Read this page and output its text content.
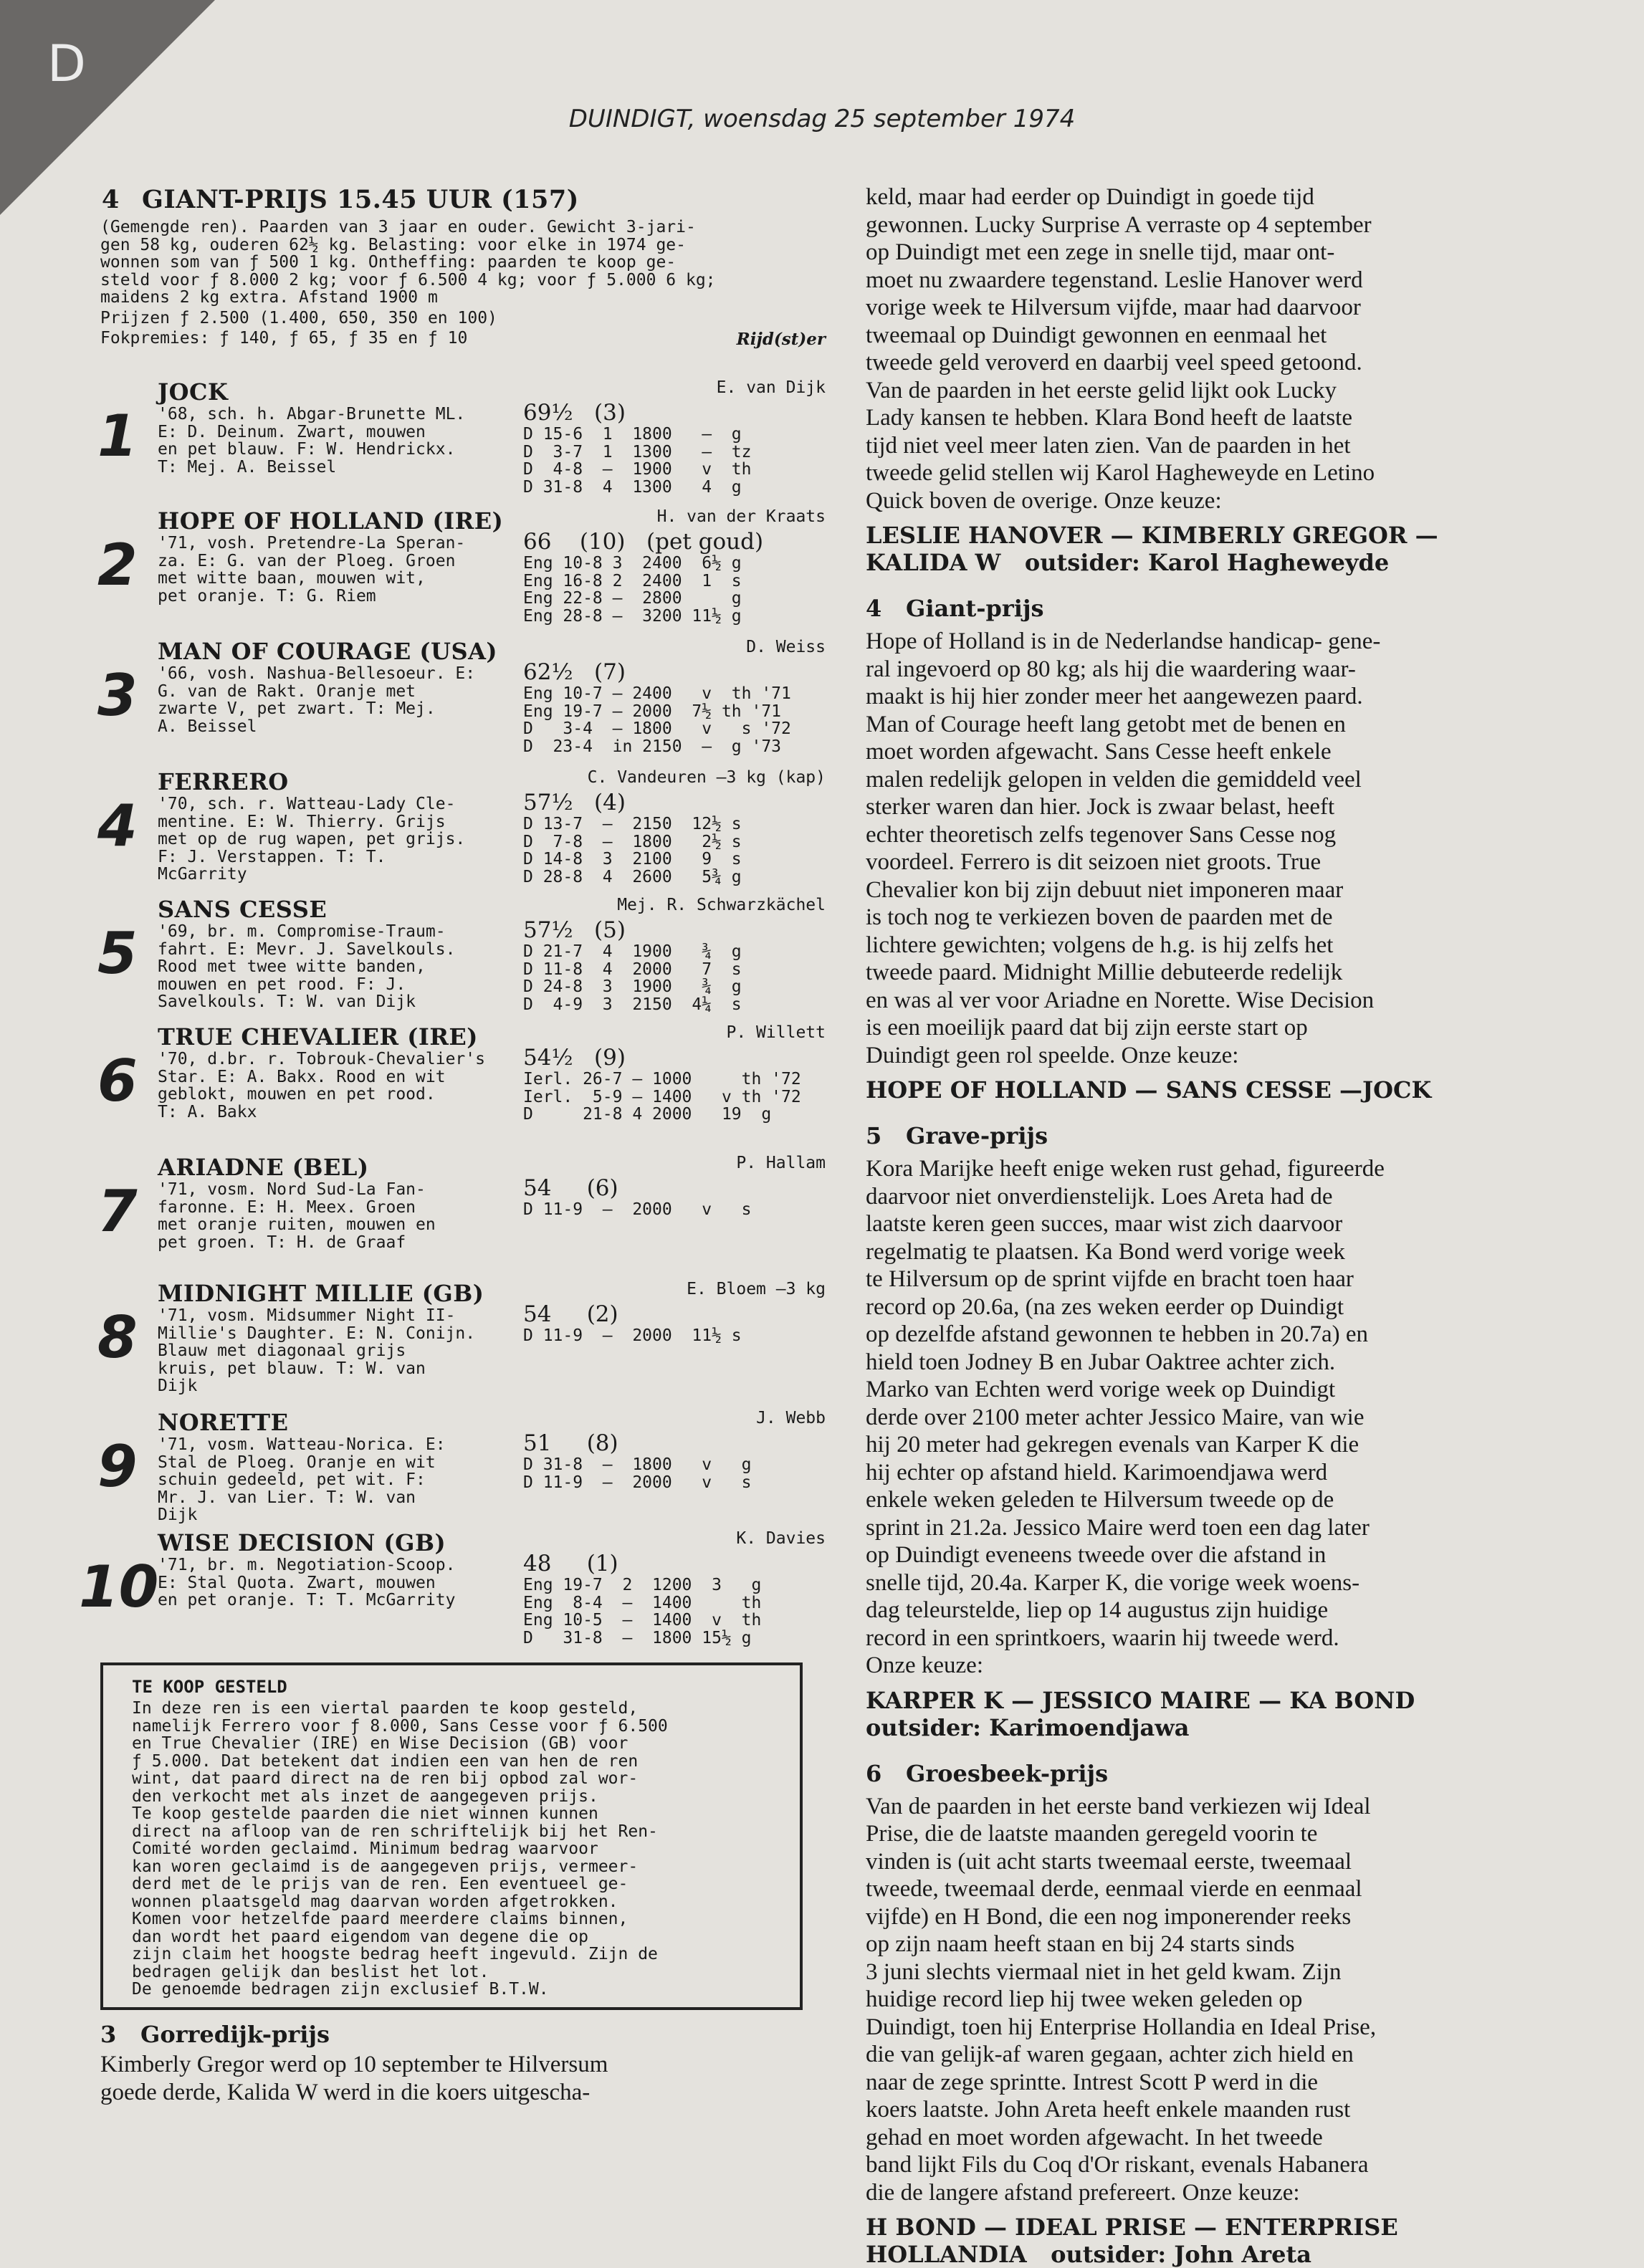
D
DUINDIGT, woensdag 25 september 1974
4 GIANT-PRIJS 15.45 UUR (157)
(Gemengde ren). Paarden van 3 jaar en ouder. Gewicht 3-jari-
gen 58 kg, ouderen 62½ kg. Belasting: voor elke in 1974 ge-
wonnen som van ƒ 500 1 kg. Ontheffing: paarden te koop ge-
steld voor ƒ 8.000 2 kg; voor ƒ 6.500 4 kg; voor ƒ 5.000 6 kg;
maidens 2 kg extra. Afstand 1900 m
Prijzen ƒ 2.500 (1.400, 650, 350 en 100)
Fokpremies: ƒ 140, ƒ 65, ƒ 35 en ƒ 10	Rijd(st)er
1
JOCK	E. van Dijk
'68, sch. h. Abgar-Brunette ML.
E: D. Deinum. Zwart, mouwen
en pet blauw. F: W. Hendrickx.
T: Mej. A. Beissel
69½   (3)
D 15-6  1  1800   —  g
D  3-7  1  1300   —  tz
D  4-8  —  1900   v  th
D 31-8  4  1300   4  g
2
HOPE OF HOLLAND (IRE)	H. van der Kraats
'71, vosh. Pretendre-La Speran-
za. E: G. van der Ploeg. Groen
met witte baan, mouwen wit,
pet oranje. T: G. Riem
66    (10)   (pet goud)
Eng 10-8 3  2400  6½ g
Eng 16-8 2  2400  1  s
Eng 22-8 —  2800     g
Eng 28-8 —  3200 11½ g
3
MAN OF COURAGE (USA)	D. Weiss
'66, vosh. Nashua-Bellesoeur. E:
G. van de Rakt. Oranje met
zwarte V, pet zwart. T: Mej.
A. Beissel
62½   (7)
Eng 10-7 — 2400   v  th '71
Eng 19-7 — 2000  7½ th '71
D   3-4  — 1800   v   s '72
D  23-4  in 2150  —  g '73
4
FERRERO	C. Vandeuren —3 kg (kap)
'70, sch. r. Watteau-Lady Cle-
mentine. E: W. Thierry. Grijs
met op de rug wapen, pet grijs.
F: J. Verstappen. T: T.
McGarrity
57½   (4)
D 13-7  —  2150  12½ s
D  7-8  —  1800   2½ s
D 14-8  3  2100   9  s
D 28-8  4  2600   5¾ g
5
SANS CESSE	Mej. R. Schwarzkächel
'69, br. m. Compromise-Traum-
fahrt. E: Mevr. J. Savelkouls.
Rood met twee witte banden,
mouwen en pet rood. F: J.
Savelkouls. T: W. van Dijk
57½   (5)
D 21-7  4  1900   ¾  g
D 11-8  4  2000   7  s
D 24-8  3  1900   ¾  g
D  4-9  3  2150  4¼  s
6
TRUE CHEVALIER (IRE)	P. Willett
'70, d.br. r. Tobrouk-Chevalier's
Star. E: A. Bakx. Rood en wit
geblokt, mouwen en pet rood.
T: A. Bakx
54½   (9)
Ierl. 26-7 — 1000     th '72
Ierl.  5-9 — 1400   v th '72
D     21-8 4 2000   19  g
7
ARIADNE (BEL)	P. Hallam
'71, vosm. Nord Sud-La Fan-
faronne. E: H. Meex. Groen
met oranje ruiten, mouwen en
pet groen. T: H. de Graaf
54     (6)
D 11-9  —  2000   v   s
8
MIDNIGHT MILLIE (GB)	E. Bloem —3 kg
'71, vosm. Midsummer Night II-
Millie's Daughter. E: N. Conijn.
Blauw met diagonaal grijs
kruis, pet blauw. T: W. van
Dijk
54     (2)
D 11-9  —  2000  11½ s
9
NORETTE	J. Webb
'71, vosm. Watteau-Norica. E:
Stal de Ploeg. Oranje en wit
schuin gedeeld, pet wit. F:
Mr. J. van Lier. T: W. van
Dijk
51     (8)
D 31-8  —  1800   v   g
D 11-9  —  2000   v   s
10
WISE DECISION (GB)	K. Davies
'71, br. m. Negotiation-Scoop.
E: Stal Quota. Zwart, mouwen
en pet oranje. T: T. McGarrity
48     (1)
Eng 19-7  2  1200  3   g
Eng  8-4  —  1400     th
Eng 10-5  —  1400  v  th
D   31-8  —  1800 15½ g
TE KOOP GESTELD
In deze ren is een viertal paarden te koop gesteld,
namelijk Ferrero voor ƒ 8.000, Sans Cesse voor ƒ 6.500
en True Chevalier (IRE) en Wise Decision (GB) voor
ƒ 5.000. Dat betekent dat indien een van hen de ren
wint, dat paard direct na de ren bij opbod zal wor-
den verkocht met als inzet de aangegeven prijs.
Te koop gestelde paarden die niet winnen kunnen
direct na afloop van de ren schriftelijk bij het Ren-
Comité worden geclaimd. Minimum bedrag waarvoor
kan woren geclaimd is de aangegeven prijs, vermeer-
derd met de le prijs van de ren. Een eventueel ge-
wonnen plaatsgeld mag daarvan worden afgetrokken.
Komen voor hetzelfde paard meerdere claims binnen,
dan wordt het paard eigendom van degene die op
zijn claim het hoogste bedrag heeft ingevuld. Zijn de
bedragen gelijk dan beslist het lot.
De genoemde bedragen zijn exclusief B.T.W.
3 Gorredijk-prijs
Kimberly Gregor werd op 10 september te Hilversum
goede derde, Kalida W werd in die koers uitgescha-
keld, maar had eerder op Duindigt in goede tijd
gewonnen. Lucky Surprise A verraste op 4 september
op Duindigt met een zege in snelle tijd, maar ont-
moet nu zwaardere tegenstand. Leslie Hanover werd
vorige week te Hilversum vijfde, maar had daarvoor
tweemaal op Duindigt gewonnen en eenmaal het
tweede geld veroverd en daarbij veel speed getoond.
Van de paarden in het eerste gelid lijkt ook Lucky
Lady kansen te hebben. Klara Bond heeft de laatste
tijd niet veel meer laten zien. Van de paarden in het
tweede gelid stellen wij Karol Hagheweyde en Letino
Quick boven de overige. Onze keuze:
LESLIE HANOVER — KIMBERLY GREGOR —
KALIDA W   outsider: Karol Hagheweyde
4 Giant-prijs
Hope of Holland is in de Nederlandse handicap- gene-
ral ingevoerd op 80 kg; als hij die waardering waar-
maakt is hij hier zonder meer het aangewezen paard.
Man of Courage heeft lang getobt met de benen en
moet worden afgewacht. Sans Cesse heeft enkele
malen redelijk gelopen in velden die gemiddeld veel
sterker waren dan hier. Jock is zwaar belast, heeft
echter theoretisch zelfs tegenover Sans Cesse nog
voordeel. Ferrero is dit seizoen niet groots. True
Chevalier kon bij zijn debuut niet imponeren maar
is toch nog te verkiezen boven de paarden met de
lichtere gewichten; volgens de h.g. is hij zelfs het
tweede paard. Midnight Millie debuteerde redelijk
en was al ver voor Ariadne en Norette. Wise Decision
is een moeilijk paard dat bij zijn eerste start op
Duindigt geen rol speelde. Onze keuze:
HOPE OF HOLLAND — SANS CESSE —JOCK
5 Grave-prijs
Kora Marijke heeft enige weken rust gehad, figureerde
daarvoor niet onverdienstelijk. Loes Areta had de
laatste keren geen succes, maar wist zich daarvoor
regelmatig te plaatsen. Ka Bond werd vorige week
te Hilversum op de sprint vijfde en bracht toen haar
record op 20.6a, (na zes weken eerder op Duindigt
op dezelfde afstand gewonnen te hebben in 20.7a) en
hield toen Jodney B en Jubar Oaktree achter zich.
Marko van Echten werd vorige week op Duindigt
derde over 2100 meter achter Jessico Maire, van wie
hij 20 meter had gekregen evenals van Karper K die
hij echter op afstand hield. Karimoendjawa werd
enkele weken geleden te Hilversum tweede op de
sprint in 21.2a. Jessico Maire werd toen een dag later
op Duindigt eveneens tweede over die afstand in
snelle tijd, 20.4a. Karper K, die vorige week woens-
dag teleurstelde, liep op 14 augustus zijn huidige
record in een sprintkoers, waarin hij tweede werd.
Onze keuze:
KARPER K — JESSICO MAIRE — KA BOND
outsider: Karimoendjawa
6 Groesbeek-prijs
Van de paarden in het eerste band verkiezen wij Ideal
Prise, die de laatste maanden geregeld voorin te
vinden is (uit acht starts tweemaal eerste, tweemaal
tweede, tweemaal derde, eenmaal vierde en eenmaal
vijfde) en H Bond, die een nog imponerender reeks
op zijn naam heeft staan en bij 24 starts sinds
3 juni slechts viermaal niet in het geld kwam. Zijn
huidige record liep hij twee weken geleden op
Duindigt, toen hij Enterprise Hollandia en Ideal Prise,
die van gelijk-af waren gegaan, achter zich hield en
naar de zege sprintte. Intrest Scott P werd in die
koers laatste. John Areta heeft enkele maanden rust
gehad en moet worden afgewacht. In het tweede
band lijkt Fils du Coq d'Or riskant, evenals Habanera
die de langere afstand prefereert. Onze keuze:
H BOND — IDEAL PRISE — ENTERPRISE
HOLLANDIA   outsider: John Areta
